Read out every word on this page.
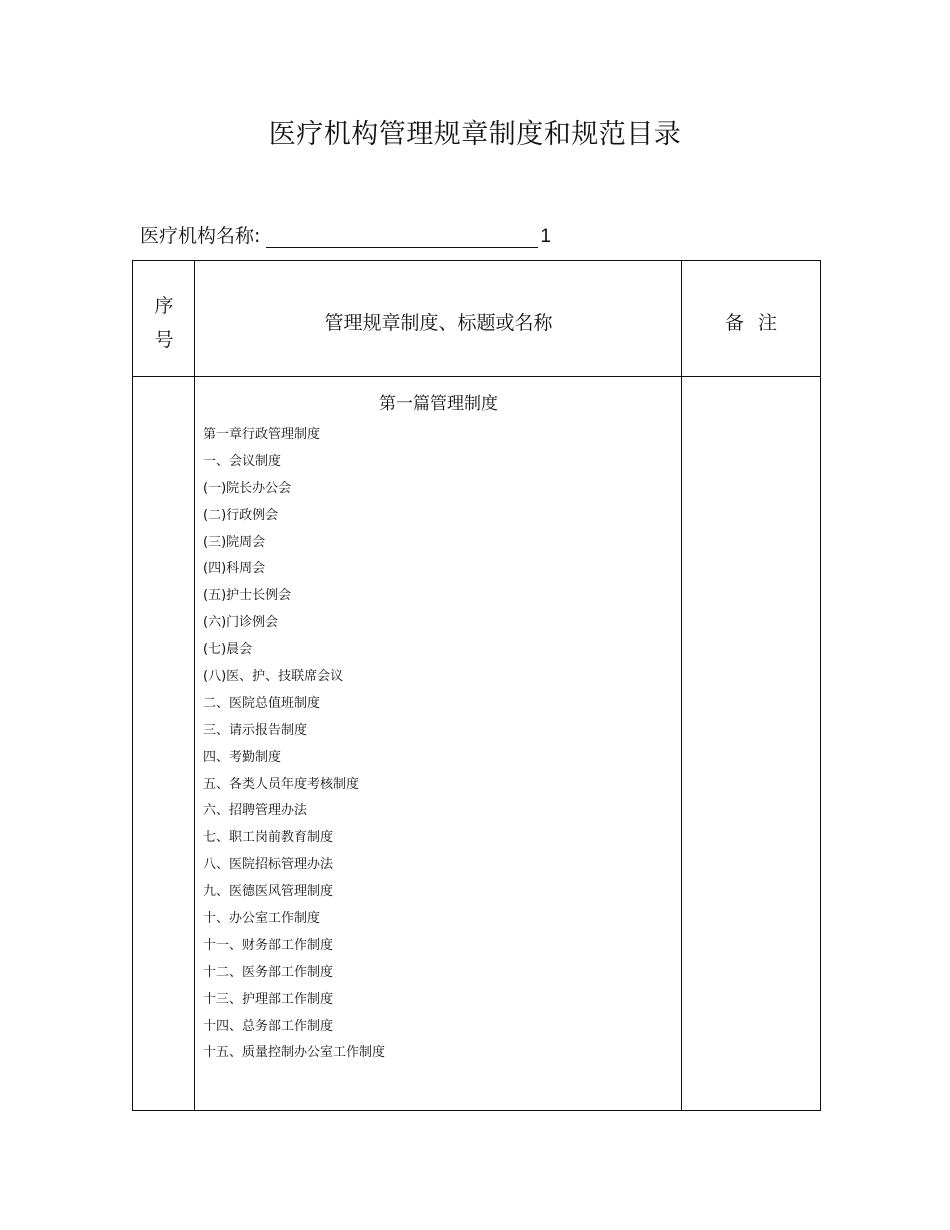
医疗机构管理规章制度和规范目录
医疗机构名称:	1
序
号
管理规章制度、标题或名称	备注
第一篇管理制度
第一章行政管理制度
一、会议制度
(一)院长办公会
(二)行政例会
(三)院周会
(四)科周会
(五)护士长例会
(六)门诊例会
(七)晨会
(八)医、护、技联席会议
二、医院总值班制度
三、请示报告制度
四、考勤制度
五、各类人员年度考核制度
六、招聘管理办法
七、职工岗前教育制度
八、医院招标管理办法
九、医德医风管理制度
十、办公室工作制度
十一、财务部工作制度
十二、医务部工作制度
十三、护理部工作制度
十四、总务部工作制度
十五、质量控制办公室工作制度
